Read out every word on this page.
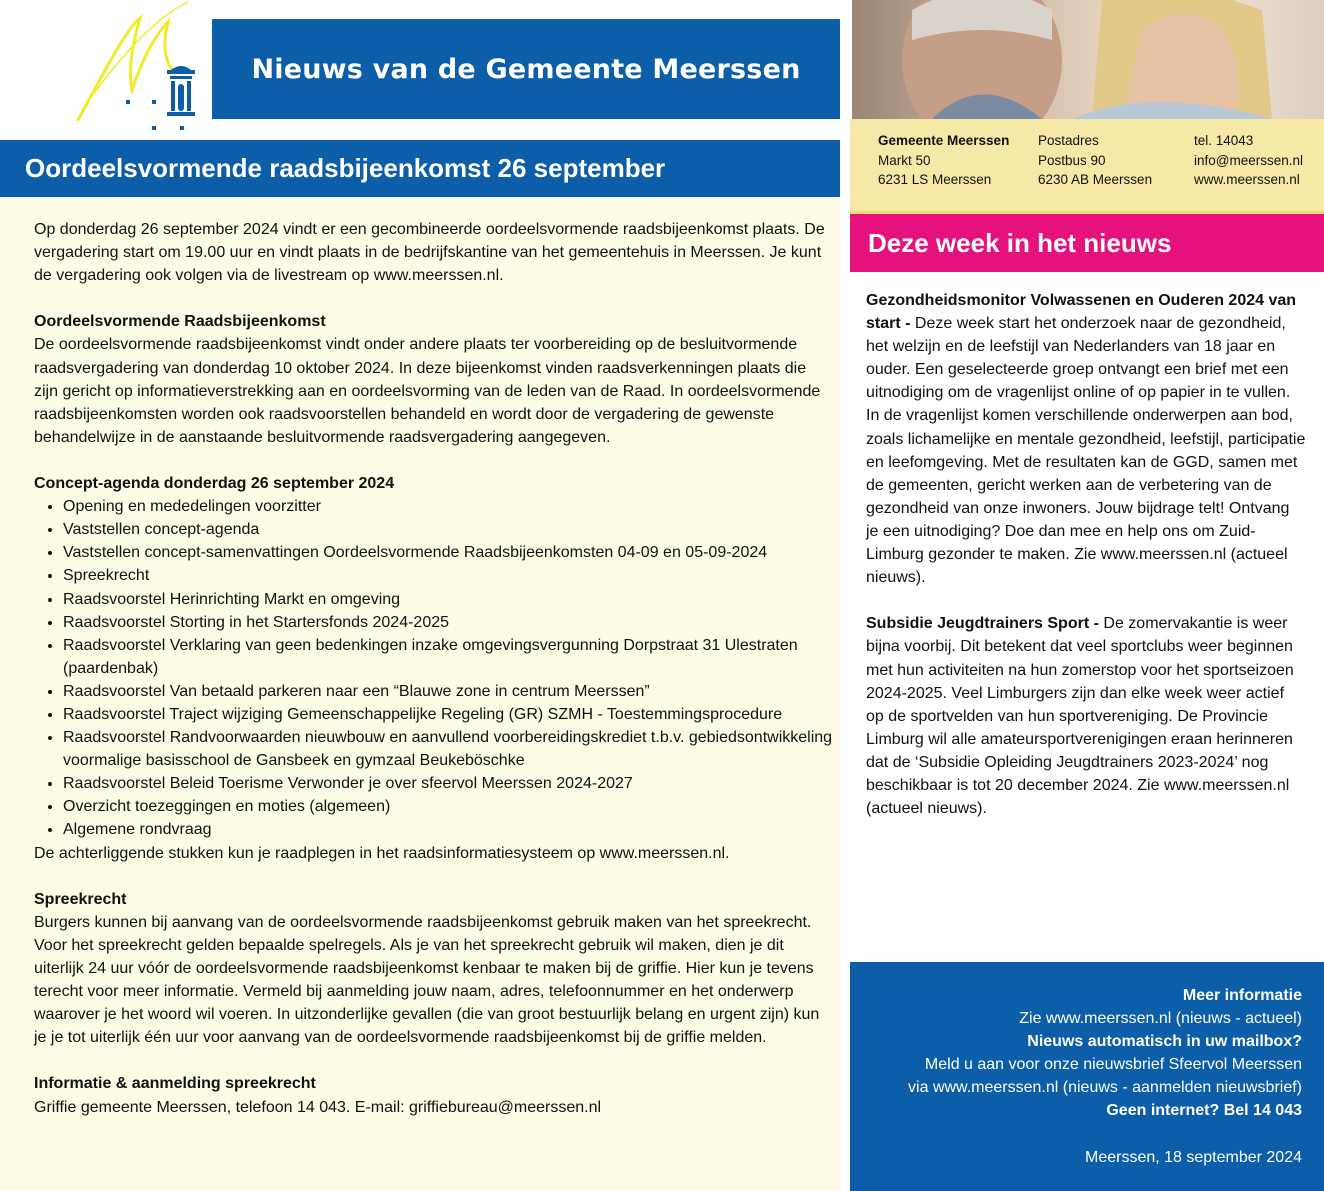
Nieuws van de Gemeente Meerssen
Gemeente Meerssen
Markt 50
6231 LS Meerssen
Postadres
Postbus 90
6230 AB Meerssen
tel. 14043
info@meerssen.nl
www.meerssen.nl
Oordeelsvormende raadsbijeenkomst 26 september

Op donderdag 26 september 2024 vindt er een gecombineerde oordeelsvormende raadsbijeenkomst plaats. De vergadering start om 19.00 uur en vindt plaats in de bedrijfskantine van het gemeentehuis in Meerssen. Je kunt de vergadering ook volgen via de livestream op www.meerssen.nl.

Oordeelsvormende Raadsbijeenkomst

De oordeelsvormende raadsbijeenkomst vindt onder andere plaats ter voorbereiding op de besluitvormende raadsvergadering van donderdag 10 oktober 2024. In deze bijeenkomst vinden raadsverkenningen plaats die zijn gericht op informatieverstrekking aan en oordeelsvorming van de leden van de Raad. In oordeelsvormende raadsbijeenkomsten worden ook raadsvoorstellen behandeld en wordt door de vergadering de gewenste behandelwijze in de aanstaande besluitvormende raadsvergadering aangegeven.

Concept-agenda donderdag 26 september 2024

• Opening en mededelingen voorzitter
• Vaststellen concept-agenda
• Vaststellen concept-samenvattingen Oordeelsvormende Raadsbijeenkomsten 04-09 en 05-09-2024
• Spreekrecht
• Raadsvoorstel Herinrichting Markt en omgeving
• Raadsvoorstel Storting in het Startersfonds 2024-2025
• Raadsvoorstel Verklaring van geen bedenkingen inzake omgevingsvergunning Dorpstraat 31 Ulestraten (paardenbak)
• Raadsvoorstel Van betaald parkeren naar een “Blauwe zone in centrum Meerssen”
• Raadsvoorstel Traject wijziging Gemeenschappelijke Regeling (GR) SZMH - Toestemmingsprocedure
• Raadsvoorstel Randvoorwaarden nieuwbouw en aanvullend voorbereidingskrediet t.b.v. gebiedsontwikkeling voormalige basisschool de Gansbeek en gymzaal Beukeböschke
• Raadsvoorstel Beleid Toerisme Verwonder je over sfeervol Meerssen 2024-2027
• Overzicht toezeggingen en moties (algemeen)
• Algemene rondvraag

De achterliggende stukken kun je raadplegen in het raadsinformatiesysteem op www.meerssen.nl.

Spreekrecht

Burgers kunnen bij aanvang van de oordeelsvormende raadsbijeenkomst gebruik maken van het spreekrecht. Voor het spreekrecht gelden bepaalde spelregels. Als je van het spreekrecht gebruik wil maken, dien je dit uiterlijk 24 uur vóór de oordeelsvormende raadsbijeenkomst kenbaar te maken bij de griffie. Hier kun je tevens terecht voor meer informatie. Vermeld bij aanmelding jouw naam, adres, telefoonnummer en het onderwerp waarover je het woord wil voeren. In uitzonderlijke gevallen (die van groot bestuurlijk belang en urgent zijn) kun je je tot uiterlijk één uur voor aanvang van de oordeelsvormende raadsbijeenkomst bij de griffie melden.

Informatie & aanmelding spreekrecht

Griffie gemeente Meerssen, telefoon 14 043. E-mail: griffiebureau@meerssen.nl

Deze week in het nieuws

Gezondheidsmonitor Volwassenen en Ouderen 2024 van start - Deze week start het onderzoek naar de gezondheid, het welzijn en de leefstijl van Nederlanders van 18 jaar en ouder. Een geselecteerde groep ontvangt een brief met een uitnodiging om de vragenlijst online of op papier in te vullen. In de vragenlijst komen verschillende onderwerpen aan bod, zoals lichamelijke en mentale gezondheid, leefstijl, participatie en leefomgeving. Met de resultaten kan de GGD, samen met de gemeenten, gericht werken aan de verbetering van de gezondheid van onze inwoners. Jouw bijdrage telt! Ontvang je een uitnodiging? Doe dan mee en help ons om Zuid-Limburg gezonder te maken. Zie www.meerssen.nl (actueel nieuws).

Subsidie Jeugdtrainers Sport - De zomervakantie is weer bijna voorbij. Dit betekent dat veel sportclubs weer beginnen met hun activiteiten na hun zomerstop voor het sportseizoen 2024-2025. Veel Limburgers zijn dan elke week weer actief op de sportvelden van hun sportvereniging. De Provincie Limburg wil alle amateursportverenigingen eraan herinneren dat de ‘Subsidie Opleiding Jeugdtrainers 2023-2024’ nog beschikbaar is tot 20 december 2024. Zie www.meerssen.nl (actueel nieuws).

Meer informatie
Zie www.meerssen.nl (nieuws - actueel)
Nieuws automatisch in uw mailbox?
Meld u aan voor onze nieuwsbrief Sfeervol Meerssen
via www.meerssen.nl (nieuws - aanmelden nieuwsbrief)
Geen internet? Bel 14 043
Meerssen, 18 september 2024
